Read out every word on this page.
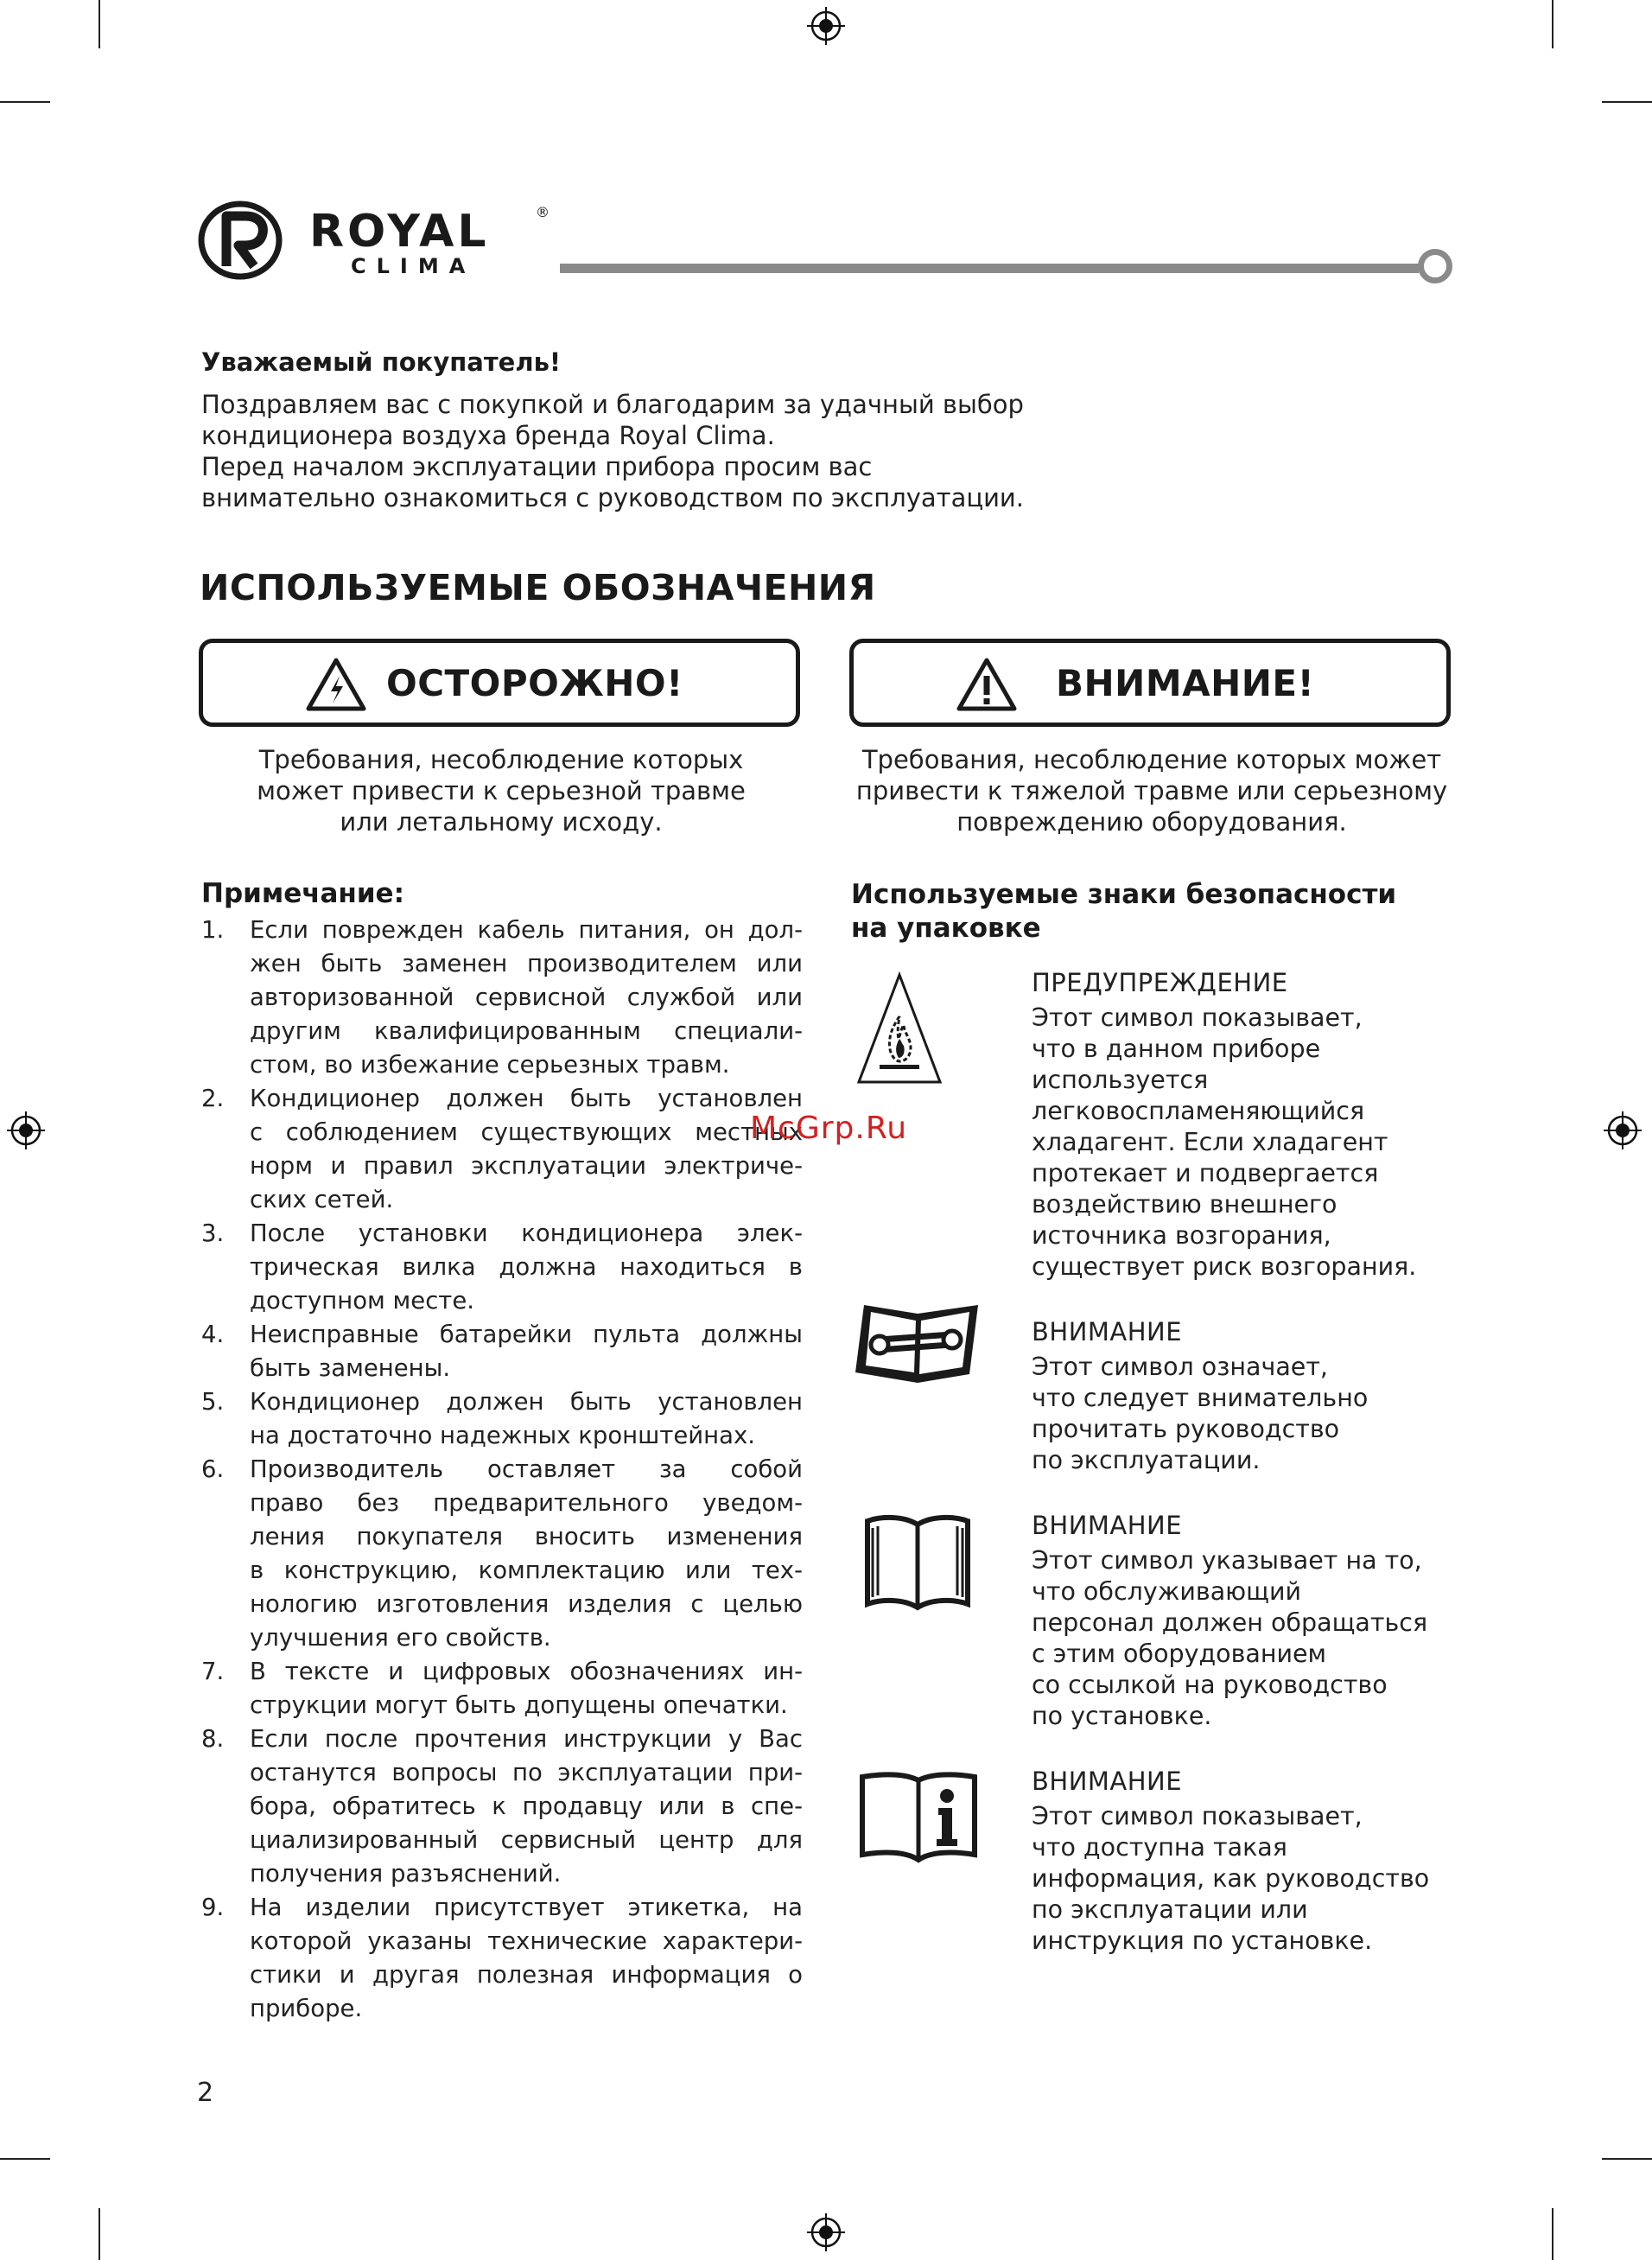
ROYAL	®
CLIMA
Уважаемый покупатель!
Поздравляем вас с покупкой и благодарим за удачный выбор
кондиционера воздуха бренда Royal Clima.
Перед началом эксплуатации прибора просим вас
внимательно ознакомиться с руководством по эксплуатации.
ИСПОЛЬЗУЕМЫЕ ОБОЗНАЧЕНИЯ
ОСТОРОЖНО!
Требования, несоблюдение которых
может привести к серьезной травме
или летальному исходу.
ВНИМАНИЕ!
Требования, несоблюдение которых может
привести к тяжелой травме или серьезному
повреждению оборудования.
Примечание:
1. Если поврежден кабель питания, он дол-
жен быть заменен производителем или
авторизованной сервисной службой или
другим квалифицированным специали-
стом, во избежание серьезных травм.
2. Кондиционер должен быть установлен
с соблюдением существующих местных
норм и правил эксплуатации электриче-
ских сетей.
3. После установки кондиционера элек-
трическая вилка должна находиться в
доступном месте.
4. Неисправные батарейки пульта должны
быть заменены.
5. Кондиционер должен быть установлен
на достаточно надежных кронштейнах.
6. Производитель оставляет за собой
право без предварительного уведом-
ления покупателя вносить изменения
в конструкцию, комплектацию или тех-
нологию изготовления изделия с целью
улучшения его свойств.
7. В тексте и цифровых обозначениях ин-
струкции могут быть допущены опечатки.
8. Если после прочтения инструкции у Вас
останутся вопросы по эксплуатации при-
бора, обратитесь к продавцу или в спе-
циализированный сервисный центр для
получения разъяснений.
9. На изделии присутствует этикетка, на
которой указаны технические характери-
стики и другая полезная информация о
приборе.
Используемые знаки безопасности
на упаковке
ПРЕДУПРЕЖДЕНИЕ
Этот символ показывает,
что в данном приборе
используется
легковоспламеняющийся
хладагент. Если хладагент
протекает и подвергается
воздействию внешнего
источника возгорания,
существует риск возгорания.
ВНИМАНИЕ
Этот символ означает,
что следует внимательно
прочитать руководство
по эксплуатации.
ВНИМАНИЕ
Этот символ указывает на то,
что обслуживающий
персонал должен обращаться
с этим оборудованием
со ссылкой на руководство
по установке.
ВНИМАНИЕ
Этот символ показывает,
что доступна такая
информация, как руководство
по эксплуатации или
инструкция по установке.
McGrp.Ru
2
